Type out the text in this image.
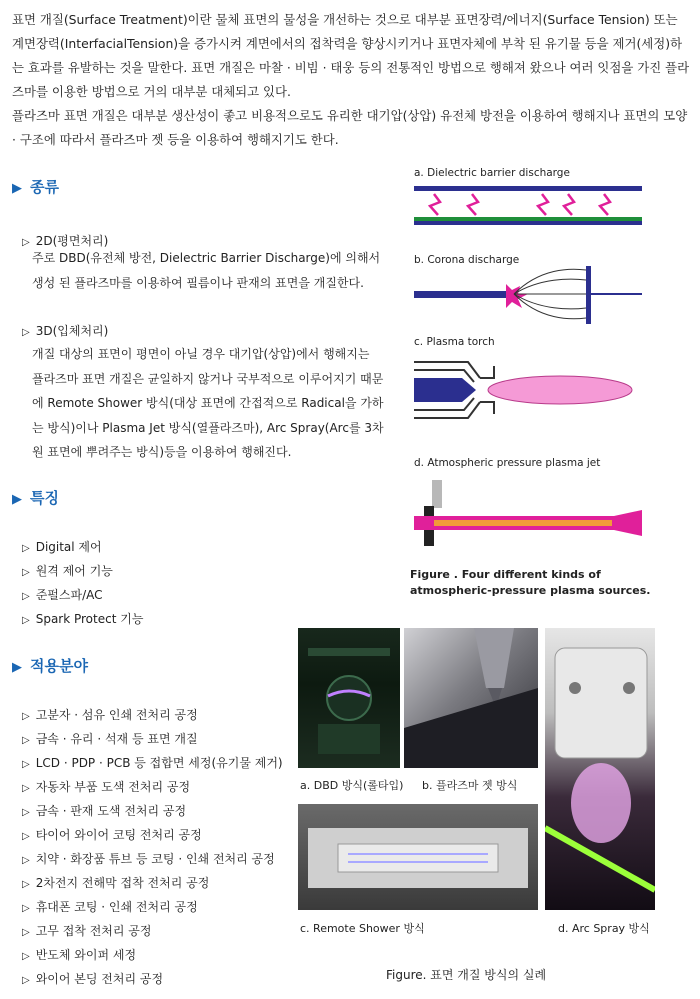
표면 개질(Surface Treatment)이란 물체 표면의 물성을 개선하는 것으로 대부분 표면장력/에너지(Surface Tension) 또는 계면장력(InterfacialTension)을 증가시켜 계면에서의 접착력을 향상시키거나 표면자체에 부착 된 유기물 등을 제거(세정)하는 효과를 유발하는 것을 말한다. 표면 개질은 마찰 · 비빔 · 태웅 등의 전통적인 방법으로 행해져 왔으나 여러 잇점을 가진 플라즈마를 이용한 방법으로 거의 대부분 대체되고 있다.

플라즈마 표면 개질은 대부분 생산성이 좋고 비용적으로도 유리한 대기압(상압) 유전체 방전을 이용하여 행해지나 표면의 모양 · 구조에 따라서 플라즈마 젯 등을 이용하여 행해지기도 한다.

▶ 종류
▷ 2D(평면처리)
주로 DBD(유전체 방전, Dielectric Barrier Discharge)에 의해서 생성 된 플라즈마를 이용하여 필름이나 판재의 표면을 개질한다.
▷ 3D(입체처리)
개질 대상의 표면이 평면이 아닐 경우 대기압(상압)에서 행해지는 플라즈마 표면 개질은 균일하지 않거나 국부적으로 이루어지기 때문에 Remote Shower 방식(대상 표면에 간접적으로 Radical을 가하는 방식)이나 Plasma Jet 방식(열플라즈마), Arc Spray(Arc를 3차원 표면에 뿌려주는 방식)등을 이용하여 행해진다.
▶ 특징
▷ Digital 제어
▷ 원격 제어 기능
▷ 준펄스파/AC
▷ Spark Protect 기능
▶ 적용분야
▷ 고분자 · 섬유 인쇄 전처리 공정
▷ 금속 · 유리 · 석재 등 표면 개질
▷ LCD · PDP · PCB 등 접합면 세정(유기물 제거)
▷ 자동차 부품 도색 전처리 공정
▷ 금속 · 판재 도색 전처리 공정
▷ 타이어 와이어 코팅 전처리 공정
▷ 치약 · 화장품 튜브 등 코팅 · 인쇄 전처리 공정
▷ 2차전지 전해막 접착 전처리 공정
▷ 휴대폰 코팅 · 인쇄 전처리 공정
▷ 고무 접착 전처리 공정
▷ 반도체 와이퍼 세정
▷ 와이어 본딩 전처리 공정
a. Dielectric barrier discharge
b. Corona discharge
c. Plasma torch
d. Atmospheric pressure plasma jet
Figure . Four different kinds of
atmospheric-pressure plasma sources.
a. DBD 방식(롤타입) b. 플라즈마 젯 방식
c. Remote Shower 방식	d. Arc Spray 방식
Figure. 표면 개질 방식의 실례
